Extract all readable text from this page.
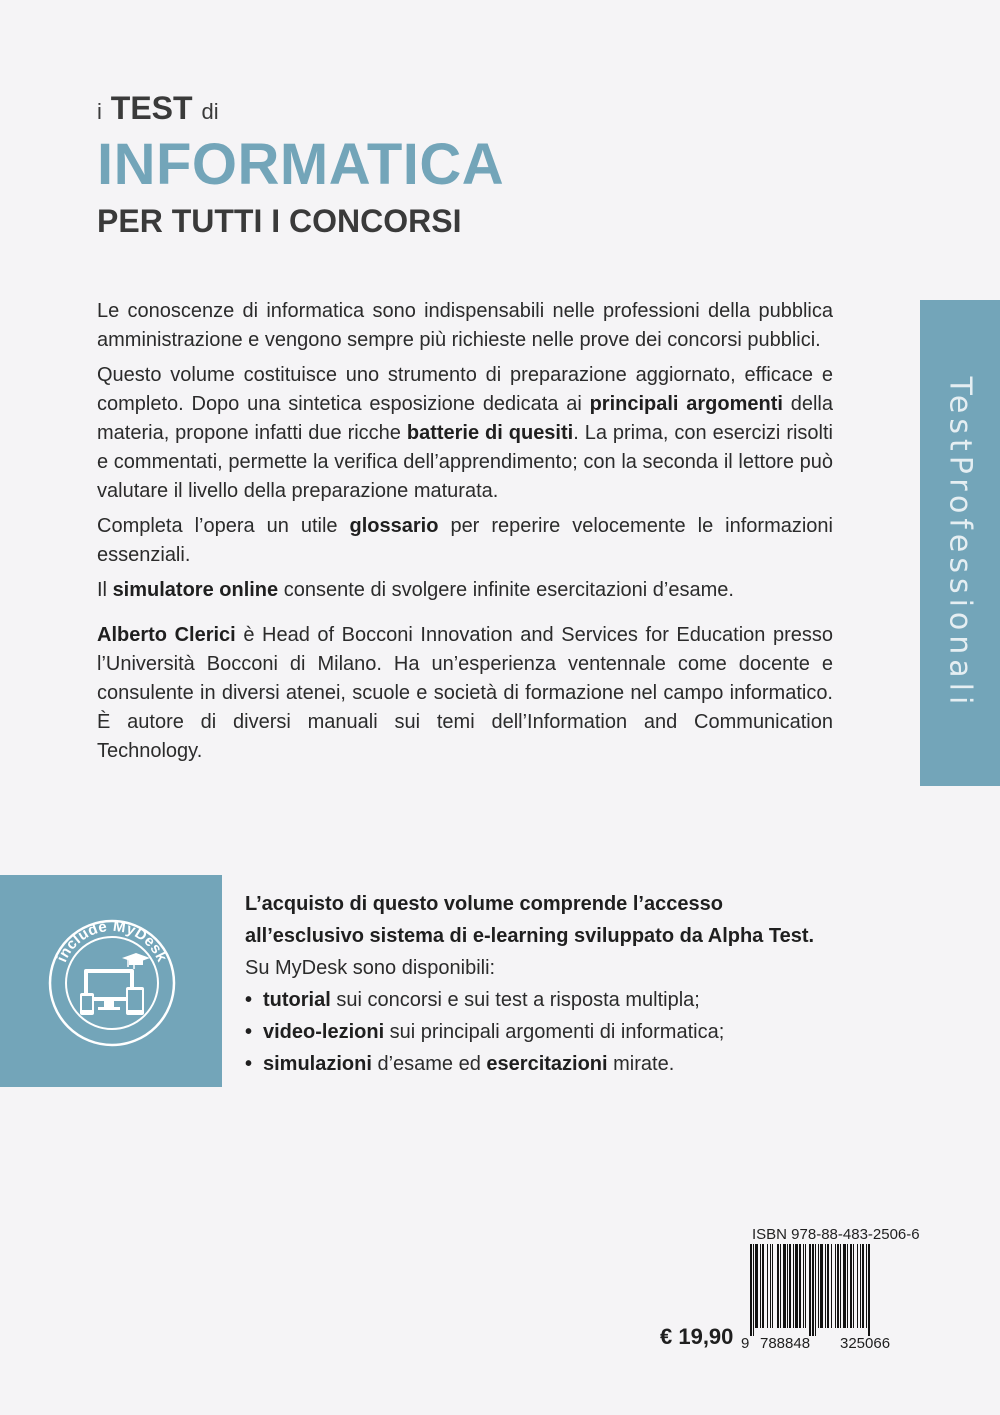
i TEST di
INFORMATICA
PER TUTTI I CONCORSI

Le conoscenze di informatica sono indispensabili nelle professioni della pubblica amministrazione e vengono sempre più richieste nelle prove dei concorsi pubblici.

Questo volume costituisce uno strumento di preparazione aggiornato, efficace e completo. Dopo una sintetica esposizione dedicata ai principali argomenti della materia, propone infatti due ricche batterie di quesiti. La prima, con esercizi risolti e commentati, permette la verifica dell’apprendimento; con la seconda il lettore può valutare il livello della preparazione maturata.

Completa l’opera un utile glossario per reperire velocemente le informazioni essenziali.

Il simulatore online consente di svolgere infinite esercitazioni d’esame.

Alberto Clerici è Head of Bocconi Innovation and Services for Education presso l’Università Bocconi di Milano. Ha un’esperienza ventennale come docente e consulente in diversi atenei, scuole e società di formazione nel campo informatico. È autore di diversi manuali sui temi dell’Information and Communication Technology.

TestProfessionali
include MyDesk
L’acquisto di questo volume comprende l’accesso
all’esclusivo sistema di e-learning sviluppato da Alpha Test.
Su MyDesk sono disponibili:
• tutorial sui concorsi e sui test a risposta multipla;
• video-lezioni sui principali argomenti di informatica;
• simulazioni d’esame ed esercitazioni mirate.
ISBN 978-88-483-2506-6
9 788848 325066
€ 19,90
